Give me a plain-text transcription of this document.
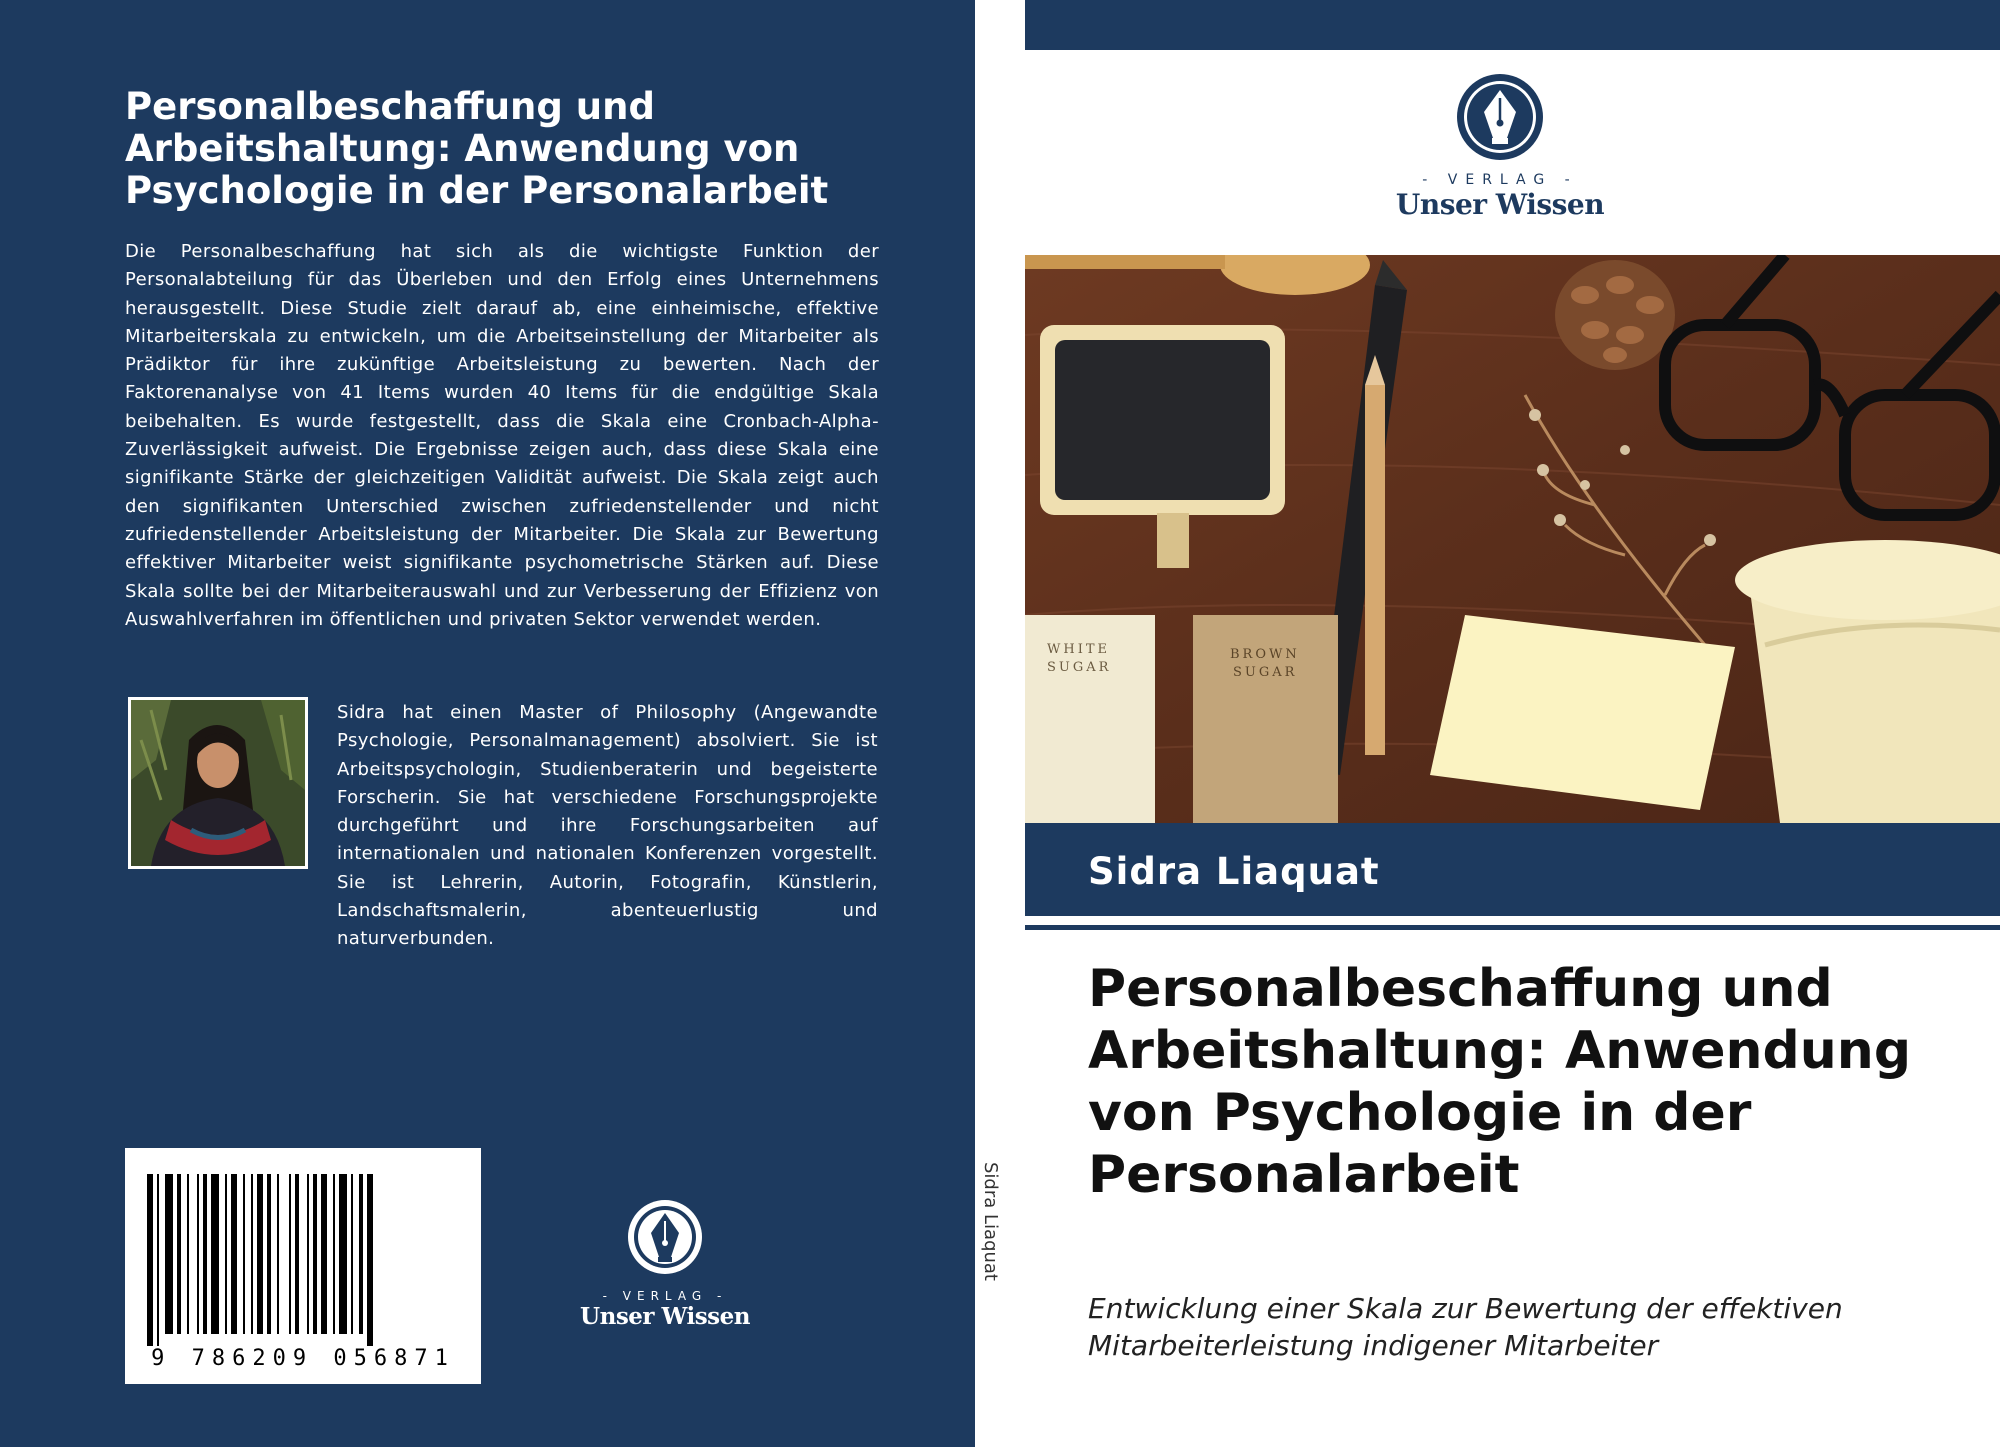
Personalbeschaffung und Arbeitshaltung: Anwendung von Psychologie in der Personalarbeit

Die Personalbeschaffung hat sich als die wichtigste Funktion der Personalabteilung für das Überleben und den Erfolg eines Unternehmens herausgestellt. Diese Studie zielt darauf ab, eine einheimische, effektive Mitarbeiterskala zu entwickeln, um die Arbeitseinstellung der Mitarbeiter als Prädiktor für ihre zukünftige Arbeitsleistung zu bewerten. Nach der Faktorenanalyse von 41 Items wurden 40 Items für die endgültige Skala beibehalten. Es wurde festgestellt, dass die Skala eine Cronbach-Alpha-Zuverlässigkeit aufweist. Die Ergebnisse zeigen auch, dass diese Skala eine signifikante Stärke der gleichzeitigen Validität aufweist. Die Skala zeigt auch den signifikanten Unterschied zwischen zufriedenstellender und nicht zufriedenstellender Arbeitsleistung der Mitarbeiter. Die Skala zur Bewertung effektiver Mitarbeiter weist signifikante psychometrische Stärken auf. Diese Skala sollte bei der Mitarbeiterauswahl und zur Verbesserung der Effizienz von Auswahlverfahren im öffentlichen und privaten Sektor verwendet werden.

Sidra hat einen Master of Philosophy (Angewandte Psychologie, Personalmanagement) absolviert. Sie ist Arbeitspsychologin, Studienberaterin und begeisterte Forscherin. Sie hat verschiedene Forschungsprojekte durchgeführt und ihre Forschungsarbeiten auf internationalen und nationalen Konferenzen vorgestellt. Sie ist Lehrerin, Autorin, Fotografin, Künstlerin, Landschaftsmalerin, abenteuerlustig und naturverbunden.

9 786209 056871
- VERLAG -
Unser Wissen
Sidra Liaquat
- VERLAG -
Unser Wissen
WHITE
SUGAR
BROWN
SUGAR
Sidra Liaquat
Personalbeschaffung und Arbeitshaltung: Anwendung von Psychologie in der Personalarbeit

Entwicklung einer Skala zur Bewertung der effektiven Mitarbeiterleistung indigener Mitarbeiter
